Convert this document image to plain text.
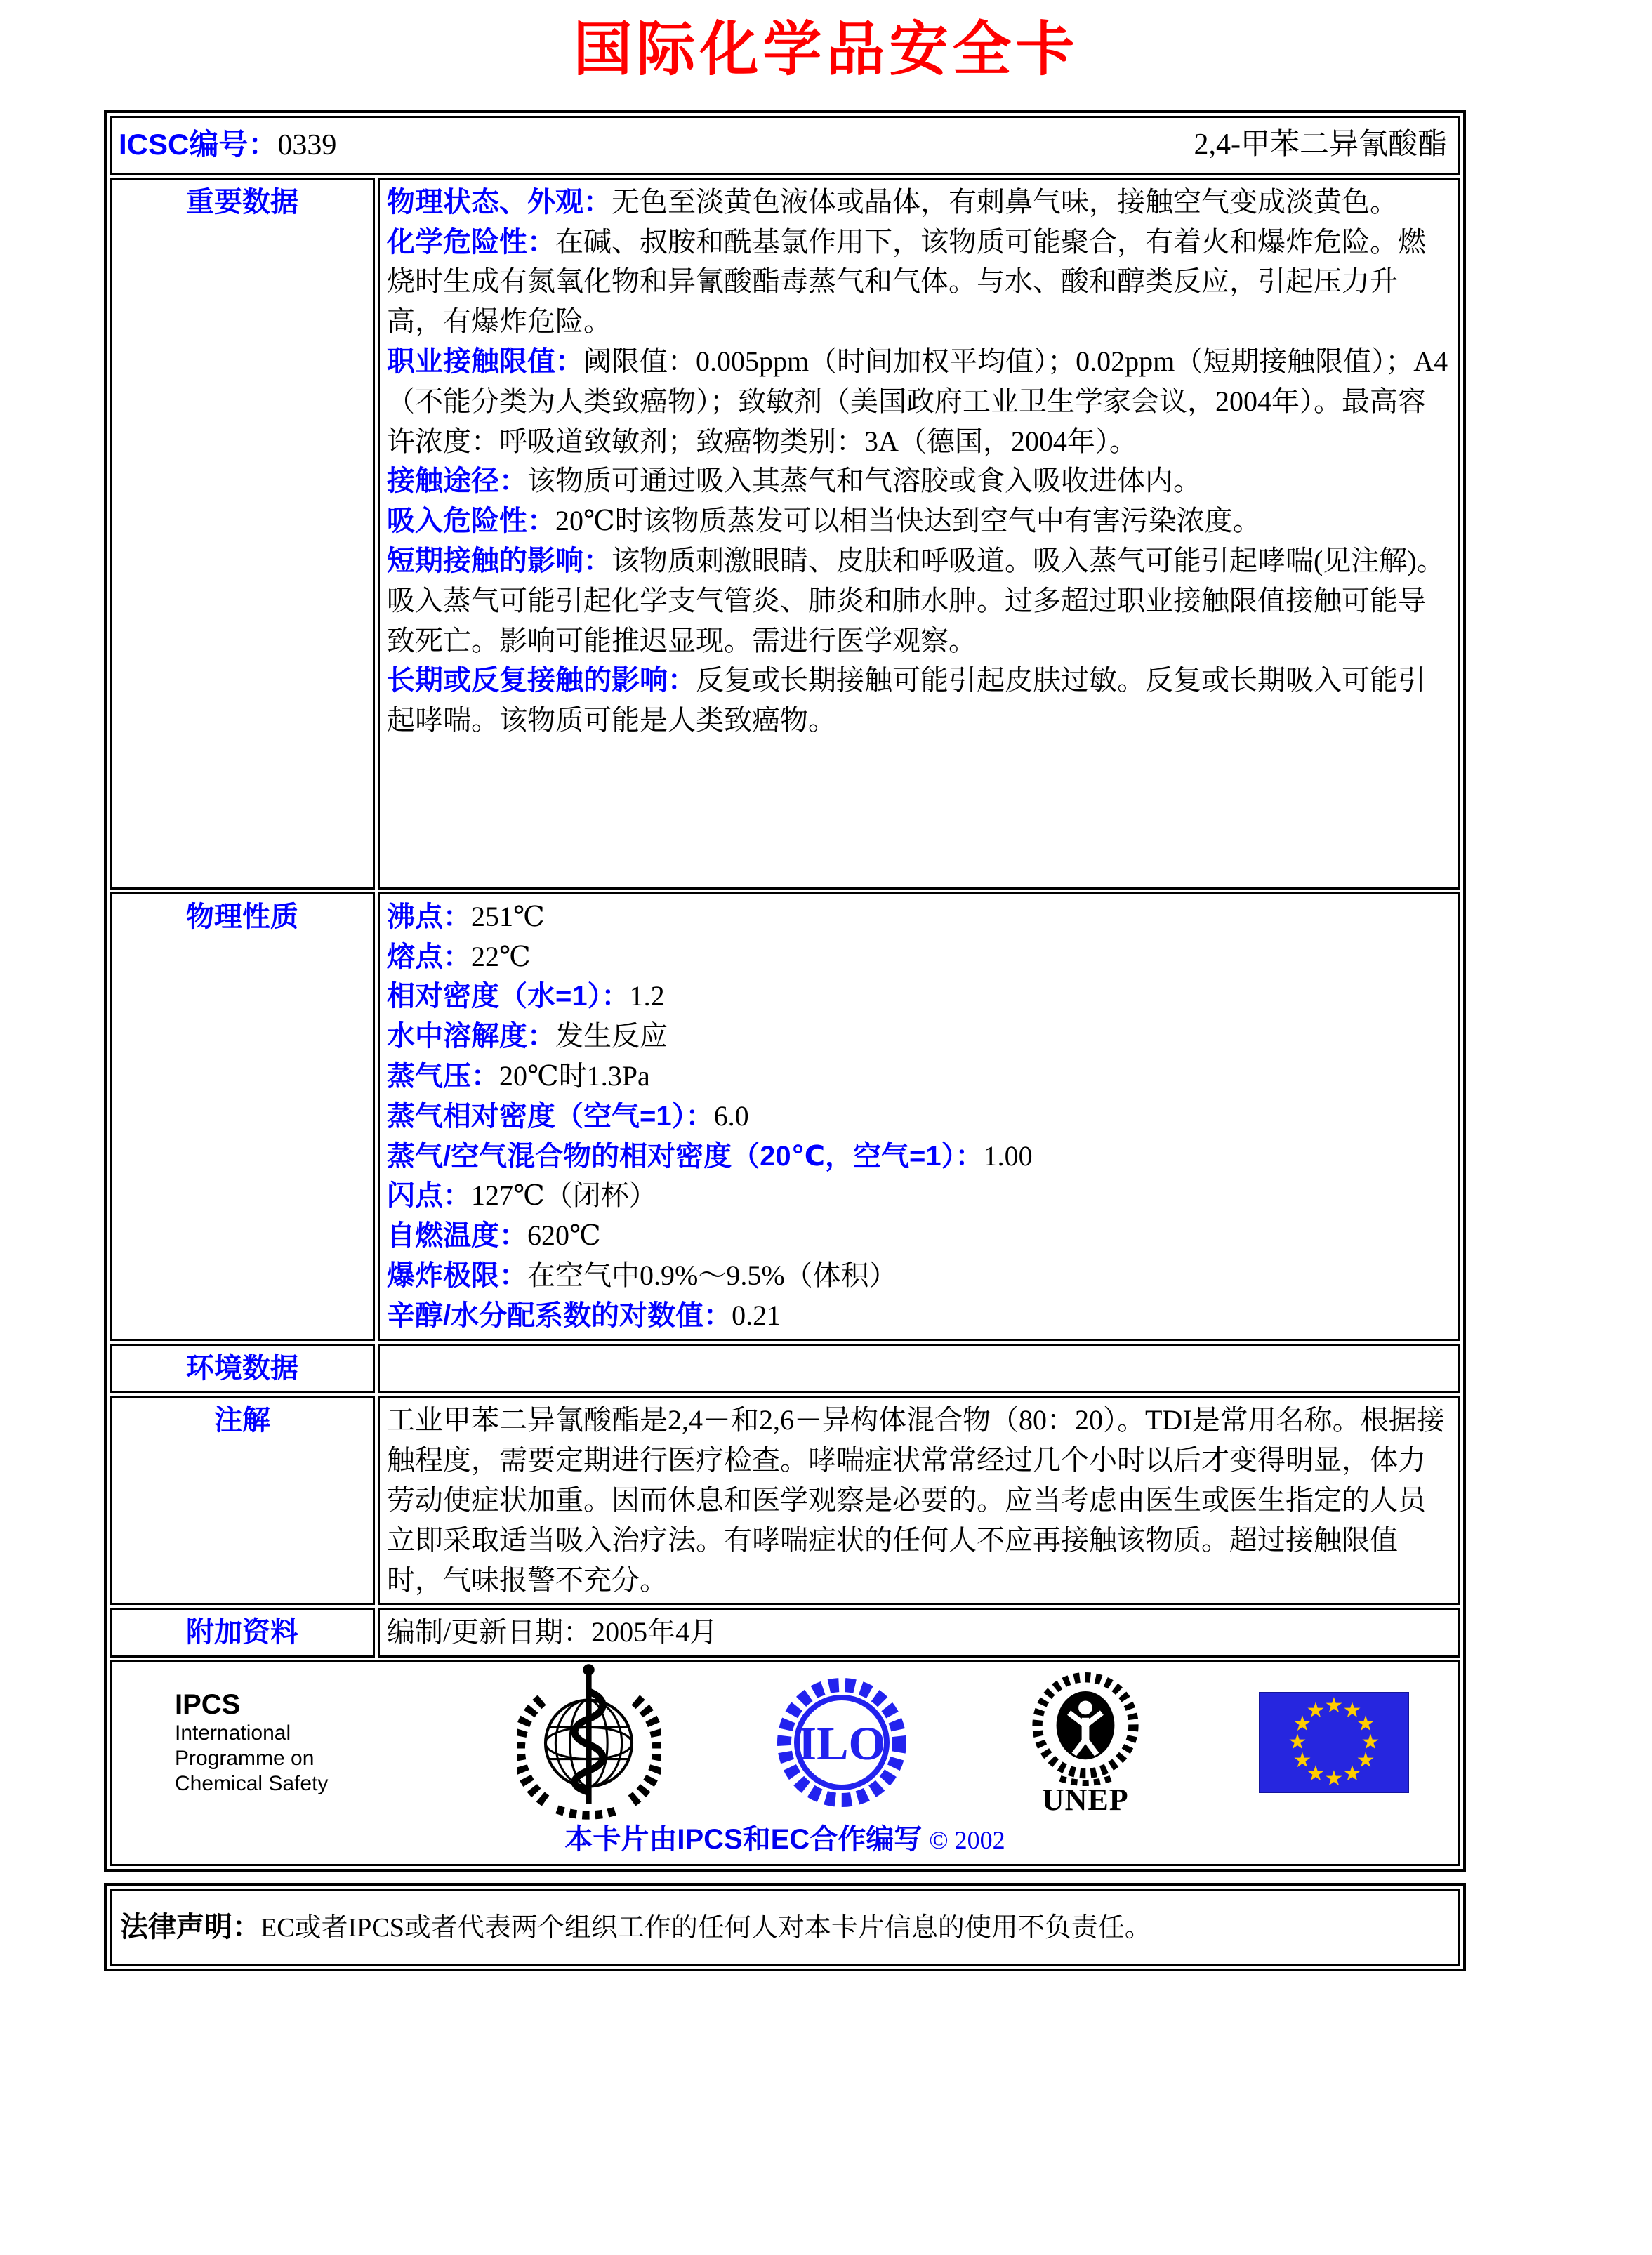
国际化学品安全卡
ICSC编号：0339 2,4-甲苯二异氰酸酯	

重要数据	物理状态、外观：无色至淡黄色液体或晶体，有刺鼻气味，接触空气变成淡黄色。
化学危险性：在碱、叔胺和酰基氯作用下，该物质可能聚合，有着火和爆炸危险。燃烧时生成有氮氧化物和异氰酸酯毒蒸气和气体。与水、酸和醇类反应，引起压力升高，有爆炸危险。
职业接触限值：阈限值：0.005ppm（时间加权平均值）；0.02ppm（短期接触限值）；A4（不能分类为人类致癌物）；致敏剂（美国政府工业卫生学家会议，2004年）。最高容许浓度：呼吸道致敏剂；致癌物类别：3A（德国，2004年）。
接触途径：该物质可通过吸入其蒸气和气溶胶或食入吸收进体内。
吸入危险性：20℃时该物质蒸发可以相当快达到空气中有害污染浓度。
短期接触的影响：该物质刺激眼睛、皮肤和呼吸道。吸入蒸气可能引起哮喘(见注解)。吸入蒸气可能引起化学支气管炎、肺炎和肺水肿。过多超过职业接触限值接触可能导致死亡。影响可能推迟显现。需进行医学观察。
长期或反复接触的影响：反复或长期接触可能引起皮肤过敏。反复或长期吸入可能引起哮喘。该物质可能是人类致癌物。

物理性质	沸点：251℃
熔点：22℃
相对密度（水=1）：1.2
水中溶解度：发生反应
蒸气压：20℃时1.3Pa
蒸气相对密度（空气=1）：6.0
蒸气/空气混合物的相对密度（20℃，空气=1）：1.00
闪点：127℃（闭杯）
自燃温度：620℃
爆炸极限：在空气中0.9%～9.5%（体积）
辛醇/水分配系数的对数值：0.21

环境数据	
注解	工业甲苯二异氰酸酯是2,4－和2,6－异构体混合物（80：20）。TDI是常用名称。根据接触程度，需要定期进行医疗检查。哮喘症状常常经过几个小时以后才变得明显，体力劳动使症状加重。因而休息和医学观察是必要的。应当考虑由医生或医生指定的人员立即采取适当吸入治疗法。有哮喘症状的任何人不应再接触该物质。超过接触限值时，气味报警不充分。
附加资料	编制/更新日期：2005年4月

IPCS
International
Programme on
Chemical Safety
ILO
UNEP
★ ★
★
★
★
★
★
★
★
★
★
★
本卡片由IPCS和EC合作编写 © 2002
法律声明：EC或者IPCS或者代表两个组织工作的任何人对本卡片信息的使用不负责任。
